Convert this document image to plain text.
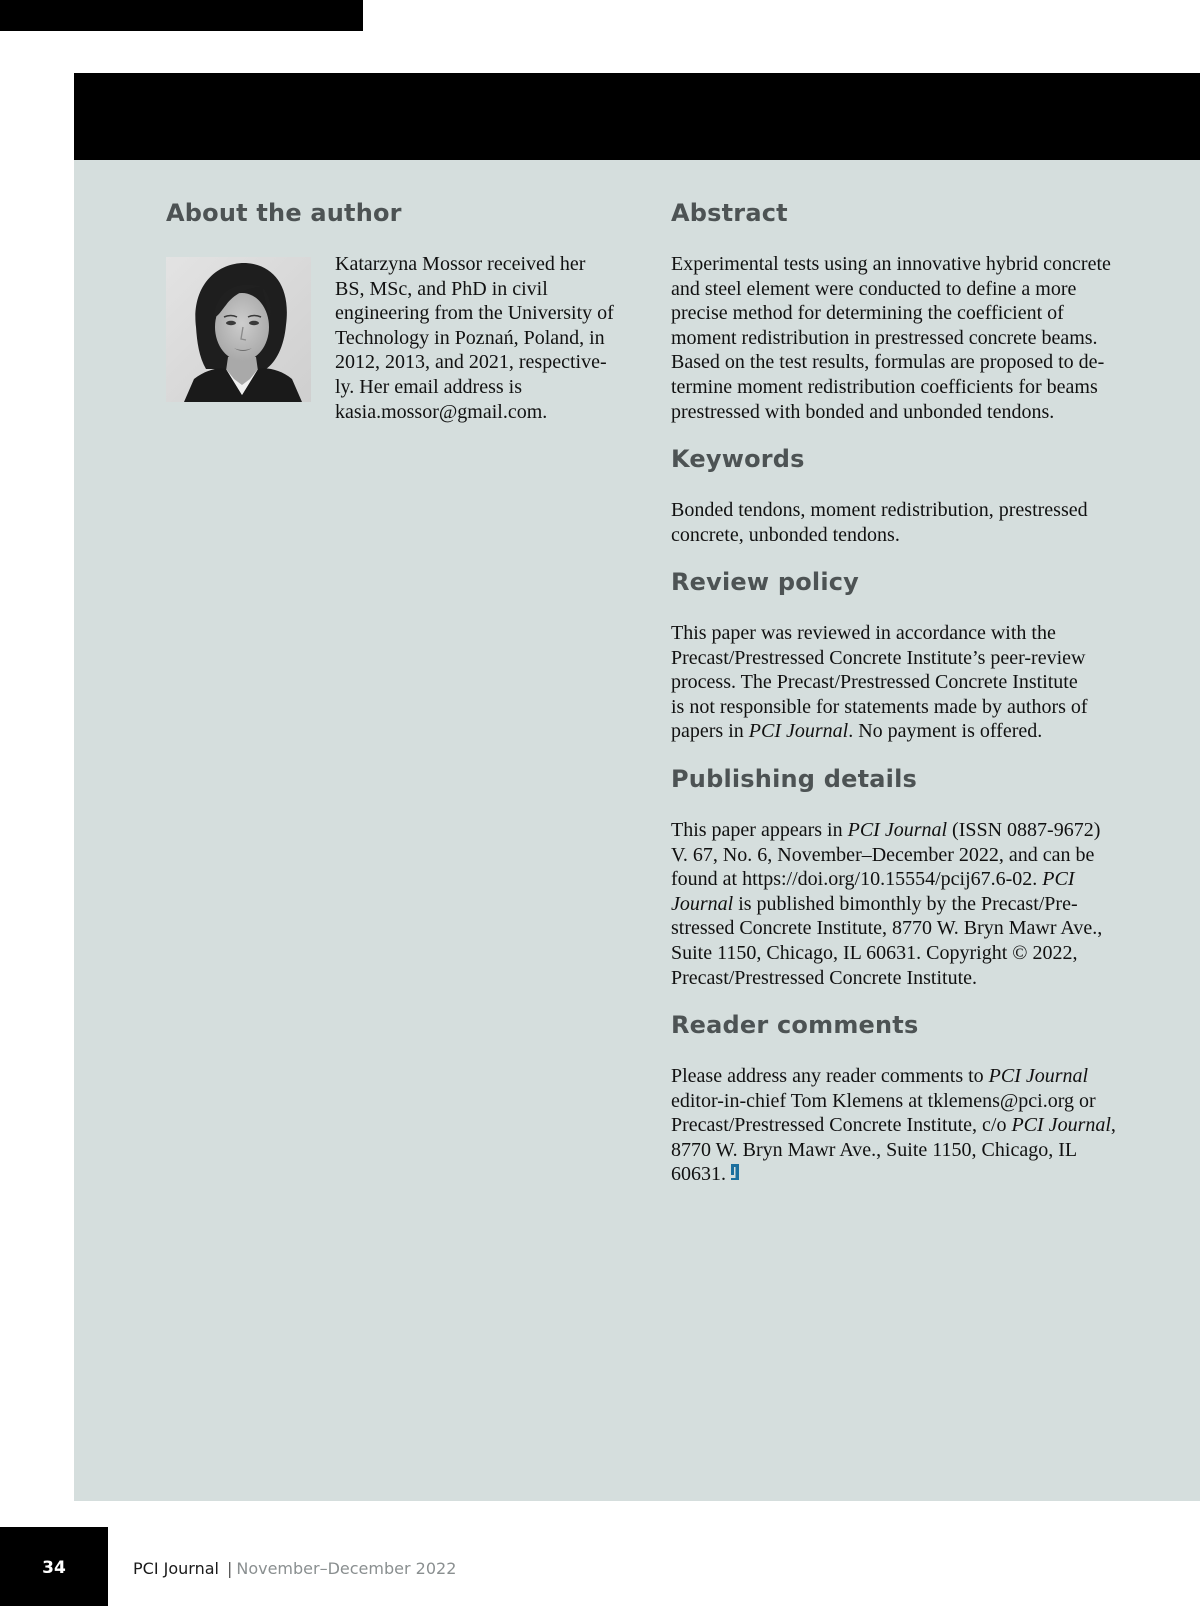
About the author
Katarzyna Mossor received her
BS, MSc, and PhD in civil
engineering from the University of
Technology in Poznań, Poland, in
2012, 2013, and 2021, respective-
ly. Her email address is
kasia.mossor@gmail.com.
Abstract
Experimental tests using an innovative hybrid concrete
and steel element were conducted to define a more
precise method for determining the coefficient of
moment redistribution in prestressed concrete beams.
Based on the test results, formulas are proposed to de-
termine moment redistribution coefficients for beams
prestressed with bonded and unbonded tendons.
Keywords
Bonded tendons, moment redistribution, prestressed
concrete, unbonded tendons.
Review policy
This paper was reviewed in accordance with the
Precast/Prestressed Concrete Institute’s peer-review
process. The Precast/Prestressed Concrete Institute
is not responsible for statements made by authors of
papers in PCI Journal. No payment is offered.
Publishing details
This paper appears in PCI Journal (ISSN 0887-9672)
V. 67, No. 6, November–December 2022, and can be
found at https://doi.org/10.15554/pcij67.6-02. PCI
Journal is published bimonthly by the Precast/Pre-
stressed Concrete Institute, 8770 W. Bryn Mawr Ave.,
Suite 1150, Chicago, IL 60631. Copyright © 2022,
Precast/Prestressed Concrete Institute.
Reader comments
Please address any reader comments to PCI Journal
editor-in-chief Tom Klemens at tklemens@pci.org or
Precast/Prestressed Concrete Institute, c/o PCI Journal,
8770 W. Bryn Mawr Ave., Suite 1150, Chicago, IL
60631.
34	PCI Journal | November–December 2022
